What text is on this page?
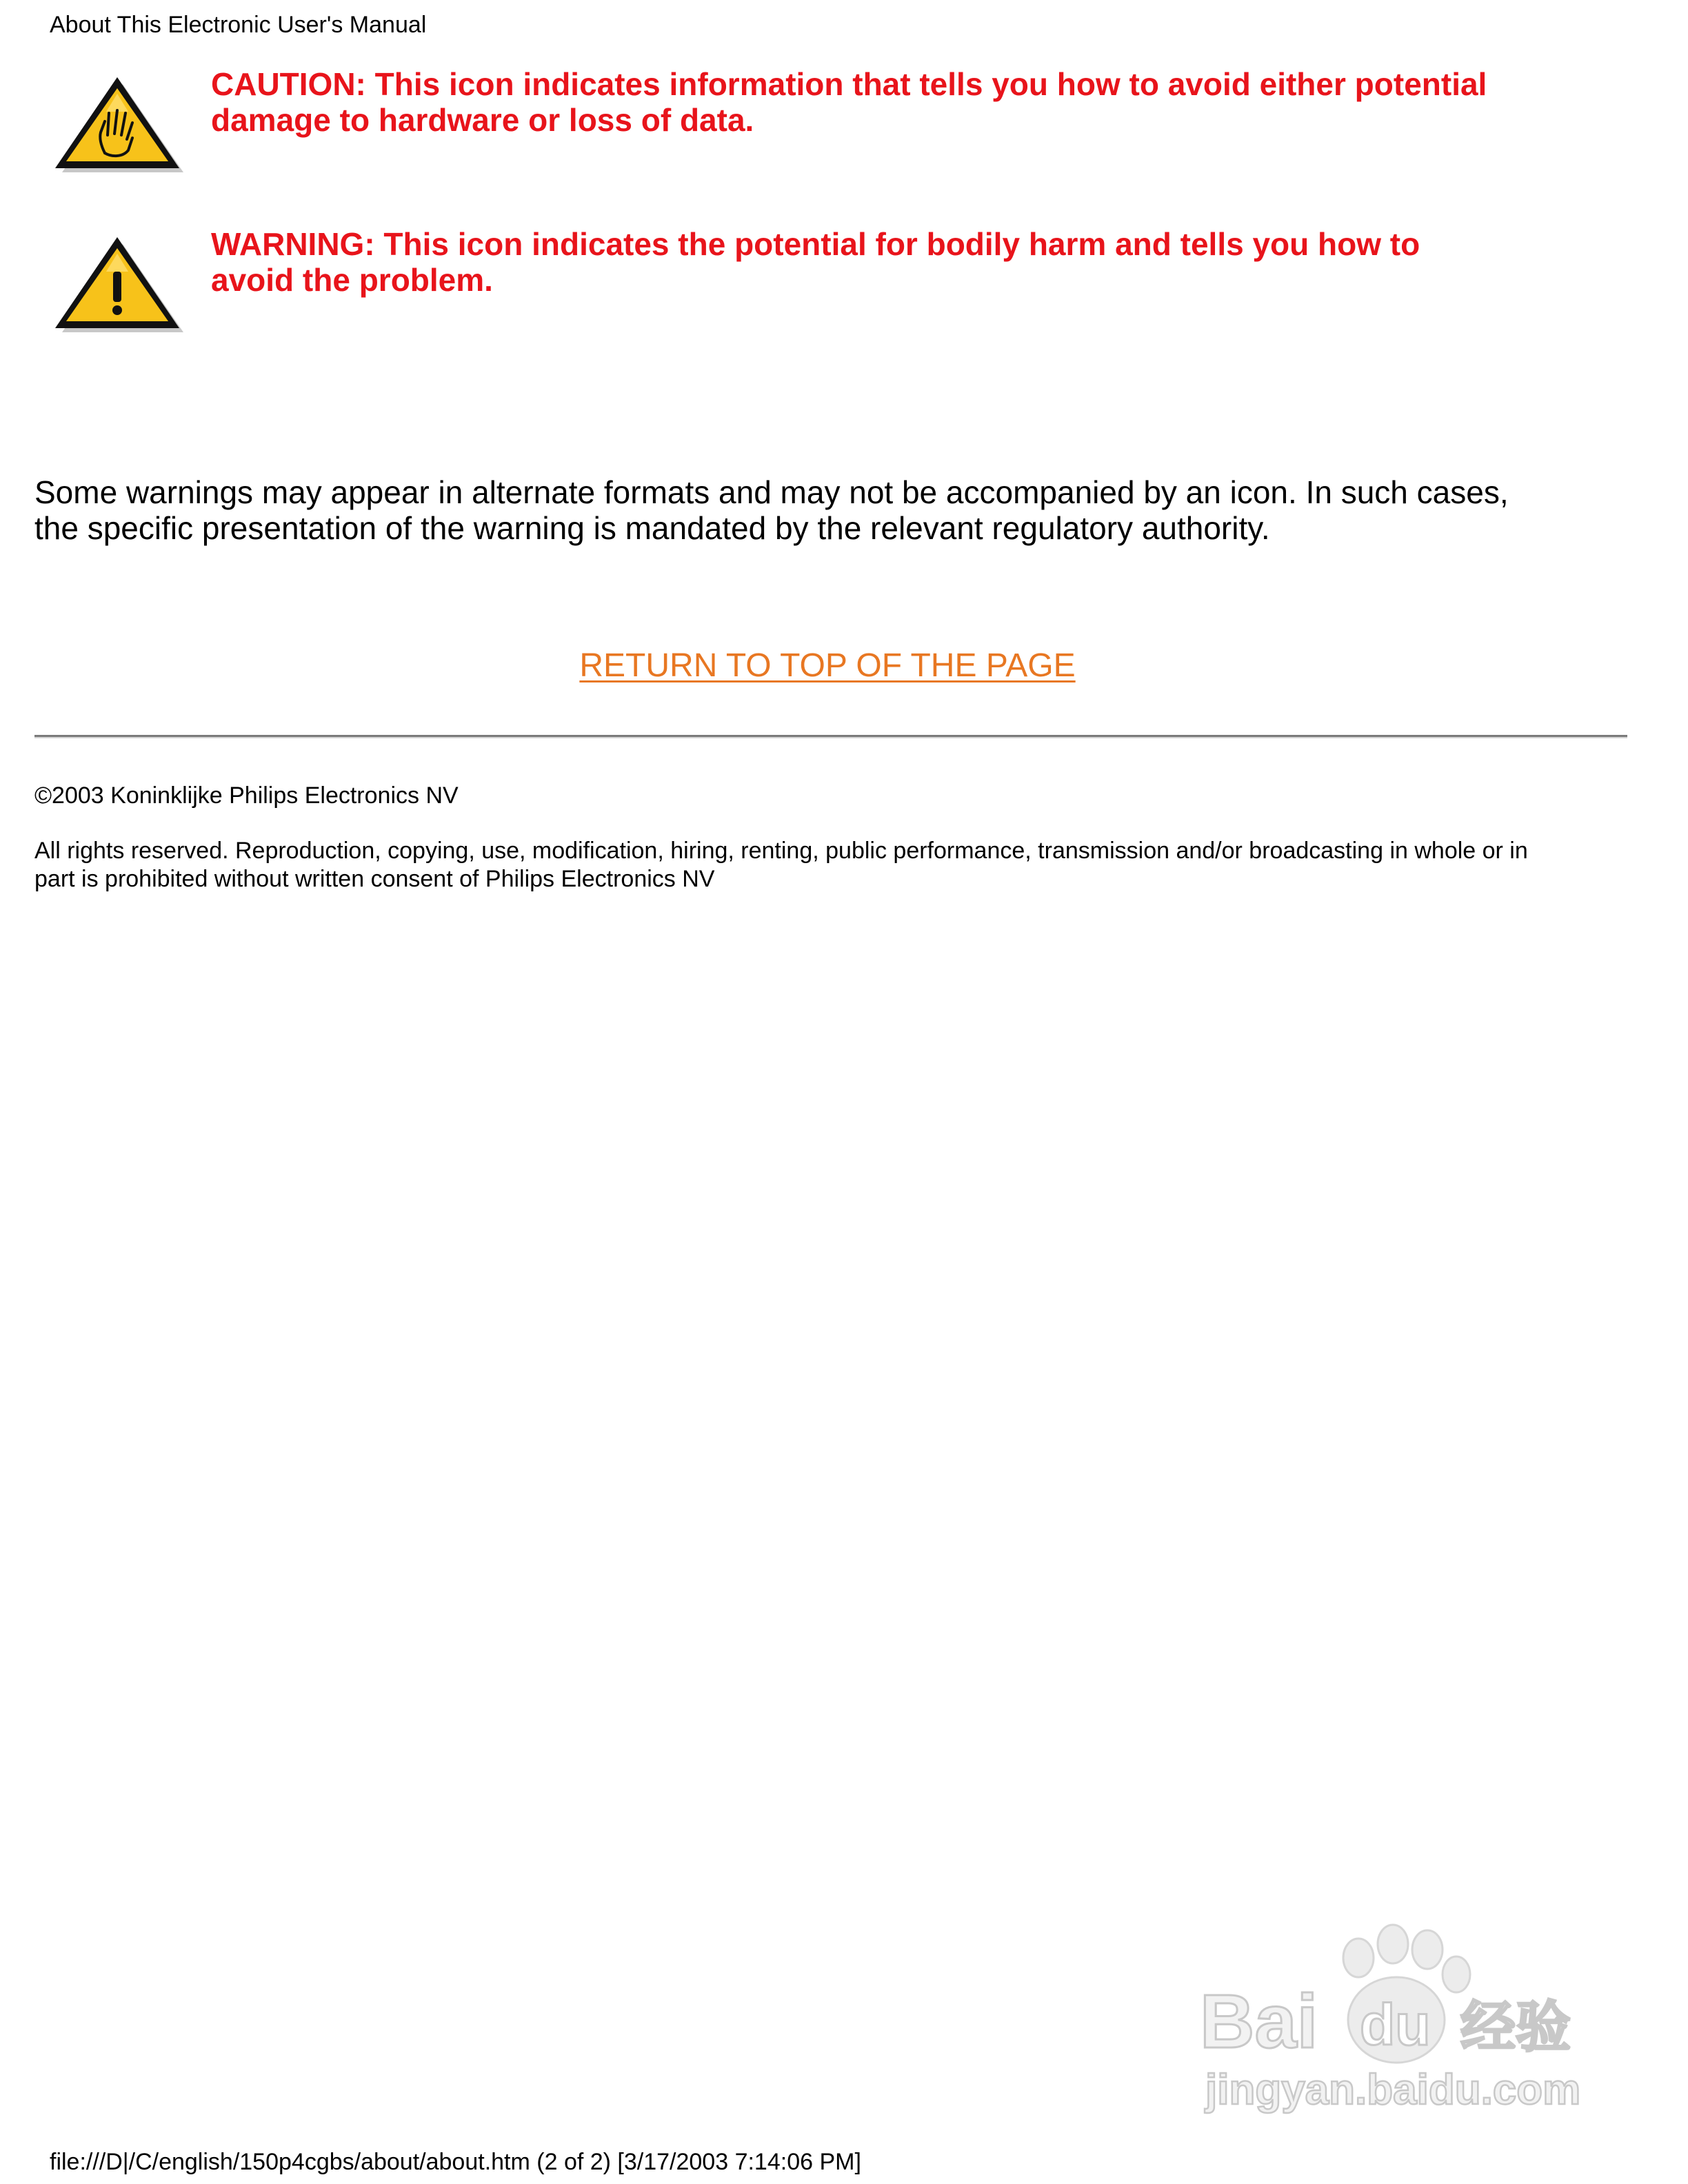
About This Electronic User's Manual
CAUTION: This icon indicates information that tells you how to avoid either potential
damage to hardware or loss of data.
WARNING: This icon indicates the potential for bodily harm and tells you how to
avoid the problem.
Some warnings may appear in alternate formats and may not be accompanied by an icon. In such cases,
the specific presentation of the warning is mandated by the relevant regulatory authority.
RETURN TO TOP OF THE PAGE
©2003 Koninklijke Philips Electronics NV
All rights reserved. Reproduction, copying, use, modification, hiring, renting, public performance, transmission and/or broadcasting in whole or in
part is prohibited without written consent of Philips Electronics NV
Bai du 经验
jingyan.baidu.com
file:///D|/C/english/150p4cgbs/about/about.htm (2 of 2) [3/17/2003 7:14:06 PM]
